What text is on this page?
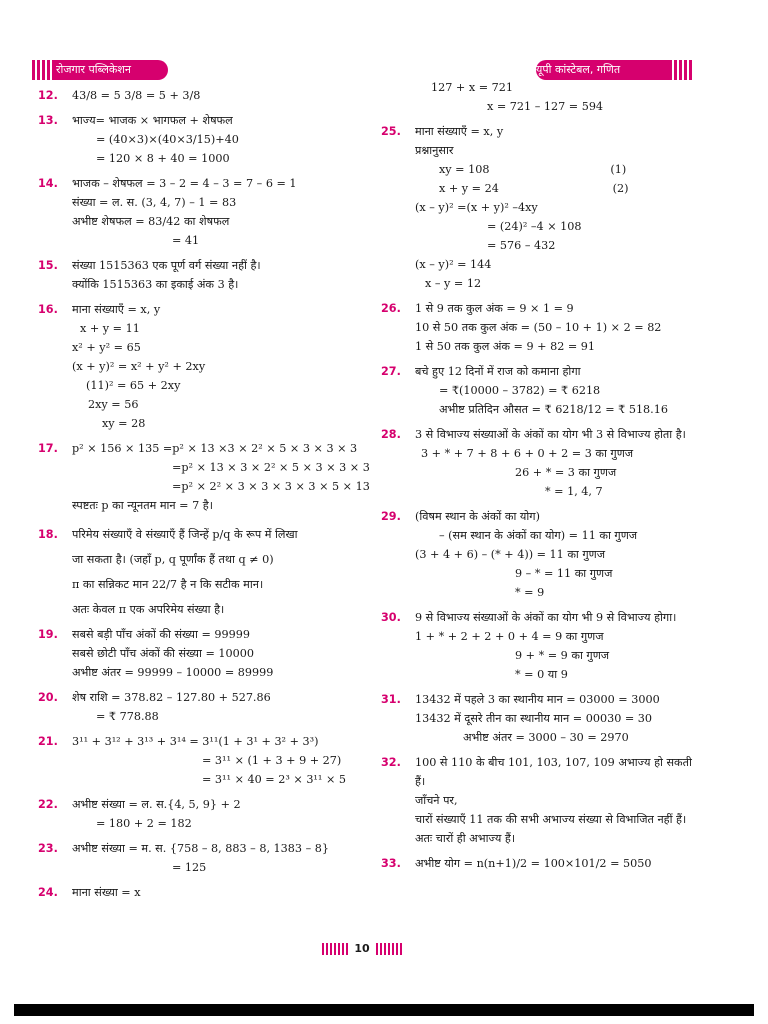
रोजगार पब्लिकेशन	यूपी कांस्टेबल, गणित
12. 43/8 = 5 3/8 = 5 + 3/8
13. भाज्य= भाजक × भागफल + शेषफल
= (40×3)×(40×3/15)+40
= 120 × 8 + 40 = 1000
14. भाजक – शेषफल = 3 – 2 = 4 – 3 = 7 – 6 = 1
संख्या = ल. स. (3, 4, 7) – 1 = 83
अभीष्ट शेषफल = 83/42 का शेषफल
= 41
15. संख्या 1515363 एक पूर्ण वर्ग संख्या नहीं है।
क्योंकि 1515363 का इकाई अंक 3 है।
16. माना संख्याएँ = x, y
x + y = 11
x² + y² = 65
(x + y)² = x² + y² + 2xy
(11)² = 65 + 2xy
2xy = 56
xy = 28
17. p² × 156 × 135 =p² × 13 ×3 × 2² × 5 × 3 × 3 × 3
=p² × 13 × 3 × 2² × 5 × 3 × 3 × 3
=p² × 2² × 3 × 3 × 3 × 3 × 5 × 13
स्पष्टतः p का न्यूनतम मान = 7 है।
18. परिमेय संख्याएँ वे संख्याएँ हैं जिन्हें p/q के रूप में लिखा
जा सकता है। (जहाँ p, q पूर्णांक हैं तथा q ≠ 0)
π का सन्निकट मान 22/7 है न कि सटीक मान।
अतः केवल π एक अपरिमेय संख्या है।
19. सबसे बड़ी पाँच अंकों की संख्या = 99999
सबसे छोटी पाँच अंकों की संख्या = 10000
अभीष्ट अंतर = 99999 – 10000 = 89999
20. शेष राशि = 378.82 – 127.80 + 527.86
= ₹ 778.88
21. 3¹¹ + 3¹² + 3¹³ + 3¹⁴ = 3¹¹(1 + 3¹ + 3² + 3³)
= 3¹¹ × (1 + 3 + 9 + 27)
= 3¹¹ × 40 = 2³ × 3¹¹ × 5
22. अभीष्ट संख्या = ल. स.{4, 5, 9} + 2
= 180 + 2 = 182
23. अभीष्ट संख्या = म. स. {758 – 8, 883 – 8, 1383 – 8}
= 125
24. माना संख्या = x
127 + x = 721
x = 721 – 127 = 594
25. माना संख्याएँ = x, y
प्रश्नानुसार
xy = 108                                  (1)
x + y = 24                                (2)
(x – y)² =(x + y)² –4xy
= (24)² –4 × 108
= 576 – 432
(x – y)² = 144
x – y = 12
26. 1 से 9 तक कुल अंक = 9 × 1 = 9
10 से 50 तक कुल अंक = (50 – 10 + 1) × 2 = 82
1 से 50 तक कुल अंक = 9 + 82 = 91
27. बचे हुए 12 दिनों में राज को कमाना होगा
= ₹(10000 – 3782) = ₹ 6218
अभीष्ट प्रतिदिन औसत = ₹ 6218/12 = ₹ 518.16
28. 3 से विभाज्य संख्याओं के अंकों का योग भी 3 से विभाज्य होता है।
3 + * + 7 + 8 + 6 + 0 + 2 = 3 का गुणज
26 + * = 3 का गुणज
* = 1, 4, 7
29. (विषम स्थान के अंकों का योग)
– (सम स्थान के अंकों का योग) = 11 का गुणज
(3 + 4 + 6) – (* + 4)) = 11 का गुणज
9 – * = 11 का गुणज
* = 9
30. 9 से विभाज्य संख्याओं के अंकों का योग भी 9 से विभाज्य होगा।
1 + * + 2 + 2 + 0 + 4 = 9 का गुणज
9 + * = 9 का गुणज
* = 0 या 9
31. 13432 में पहले 3 का स्थानीय मान = 03000 = 3000
13432 में दूसरे तीन का स्थानीय मान = 00030 = 30
अभीष्ट अंतर = 3000 – 30 = 2970
32. 100 से 110 के बीच 101, 103, 107, 109 अभाज्य हो सकती हैं।
जाँचने पर,
चारों संख्याएँ 11 तक की सभी अभाज्य संख्या से विभाजित नहीं हैं। अतः चारों ही अभाज्य हैं।
33. अभीष्ट योग = n(n+1)/2 = 100×101/2 = 5050
10
